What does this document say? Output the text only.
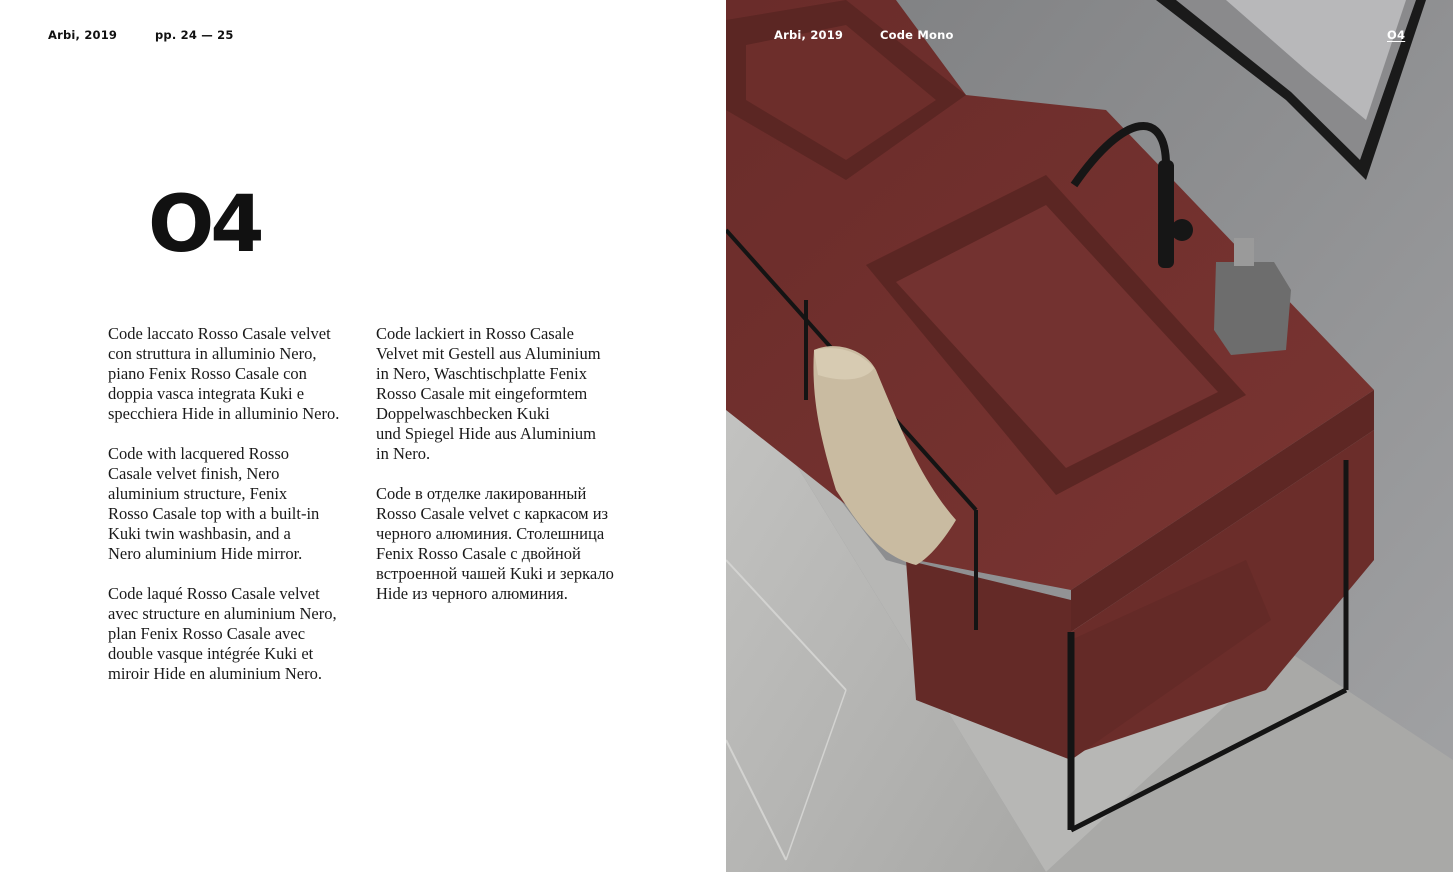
Arbi, 2019	pp. 24 — 25
O4

Code laccato Rosso Casale velvet
con struttura in alluminio Nero,
piano Fenix Rosso Casale con
doppia vasca integrata Kuki e
specchiera Hide in alluminio Nero.

Code with lacquered Rosso
Casale velvet finish, Nero
aluminium structure, Fenix
Rosso Casale top with a built-in
Kuki twin washbasin, and a
Nero aluminium Hide mirror.

Code laqué Rosso Casale velvet
avec structure en aluminium Nero,
plan Fenix Rosso Casale avec
double vasque intégrée Kuki et
miroir Hide en aluminium Nero.

Code lackiert in Rosso Casale
Velvet mit Gestell aus Aluminium
in Nero, Waschtischplatte Fenix
Rosso Casale mit eingeformtem
Doppelwaschbecken Kuki
und Spiegel Hide aus Aluminium
in Nero.

Code в отделке лакированный
Rosso Casale velvet с каркасом из
черного алюминия. Столешница
Fenix Rosso Casale с двойной
встроенной чашей Kuki и зеркало
Hide из черного алюминия.

Arbi, 2019	Code Mono	O4
